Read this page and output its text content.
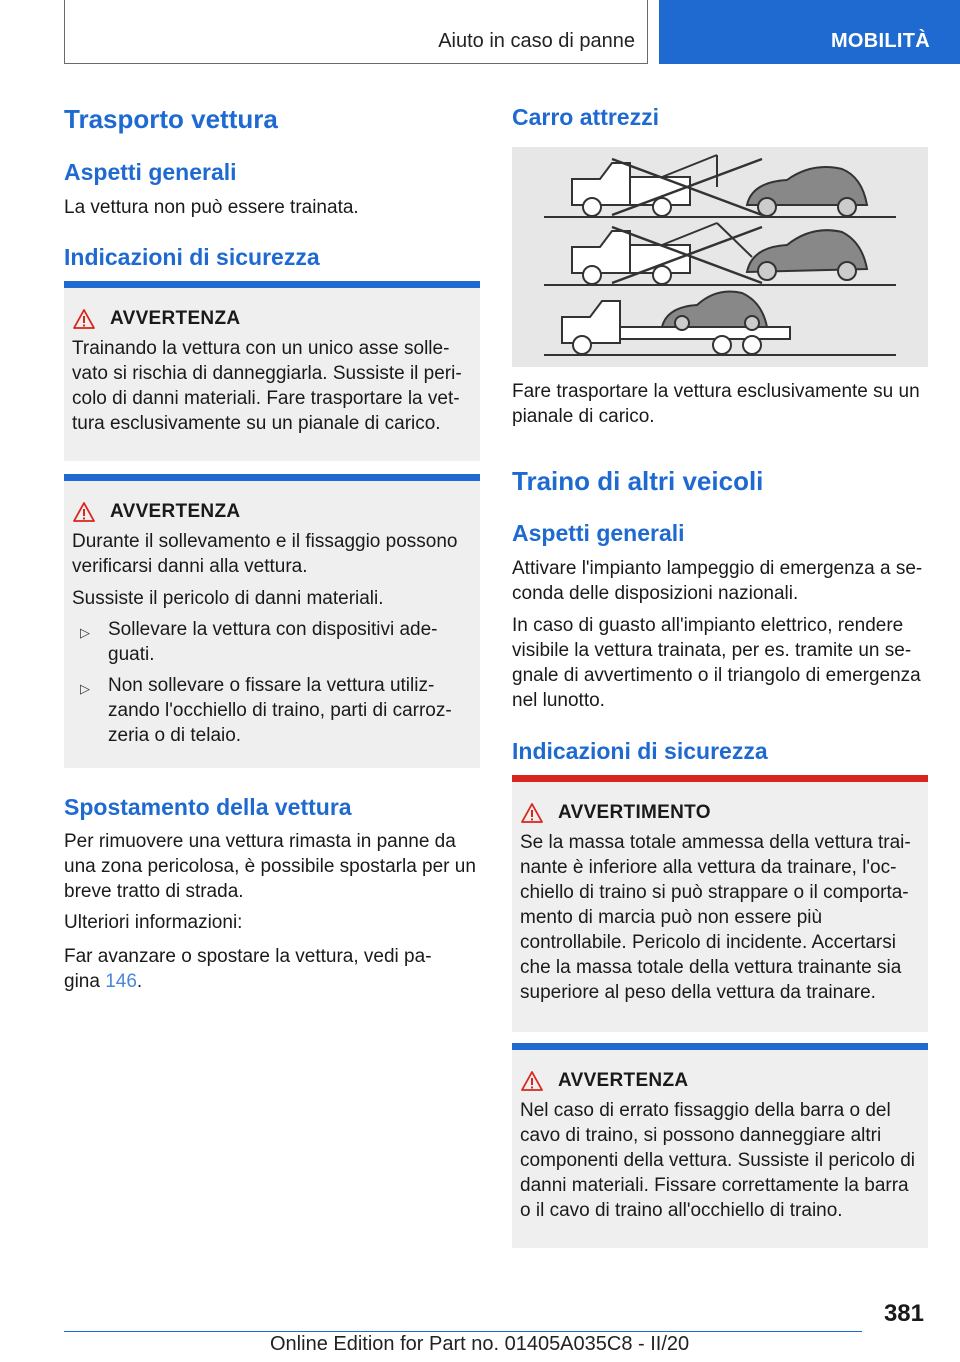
Aiuto in caso di panne	MOBILITÀ
Trasporto vettura
Aspetti generali

La vettura non può essere trainata.

Indicazioni di sicurezza
AVVERTENZA

Trainando la vettura con un unico asse solle-vato si rischia di danneggiarla. Sussiste il peri-colo di danni materiali. Fare trasportare la vet-tura esclusivamente su un pianale di carico.

AVVERTENZA

Durante il sollevamento e il fissaggio possono verificarsi danni alla vettura.

Sussiste il pericolo di danni materiali.

▷ Sollevare la vettura con dispositivi ade-guati.
▷ Non sollevare o fissare la vettura utiliz-zando l'occhiello di traino, parti di carroz-zeria o di telaio.
Spostamento della vettura

Per rimuovere una vettura rimasta in panne da una zona pericolosa, è possibile spostarla per un breve tratto di strada.

Ulteriori informazioni:

Far avanzare o spostare la vettura, vedi pa-gina 146.

Carro attrezzi

Fare trasportare la vettura esclusivamente su un pianale di carico.

Traino di altri veicoli
Aspetti generali

Attivare l'impianto lampeggio di emergenza a se-conda delle disposizioni nazionali.

In caso di guasto all'impianto elettrico, rendere visibile la vettura trainata, per es. tramite un se-gnale di avvertimento o il triangolo di emergenza nel lunotto.

Indicazioni di sicurezza
AVVERTIMENTO

Se la massa totale ammessa della vettura trai-nante è inferiore alla vettura da trainare, l'oc-chiello di traino si può strappare o il comporta-mento di marcia può non essere più controllabile. Pericolo di incidente. Accertarsi che la massa totale della vettura trainante sia superiore al peso della vettura da trainare.

AVVERTENZA

Nel caso di errato fissaggio della barra o del cavo di traino, si possono danneggiare altri componenti della vettura. Sussiste il pericolo di danni materiali. Fissare correttamente la barra o il cavo di traino all'occhiello di traino.

381
Online Edition for Part no. 01405A035C8 - II/20
